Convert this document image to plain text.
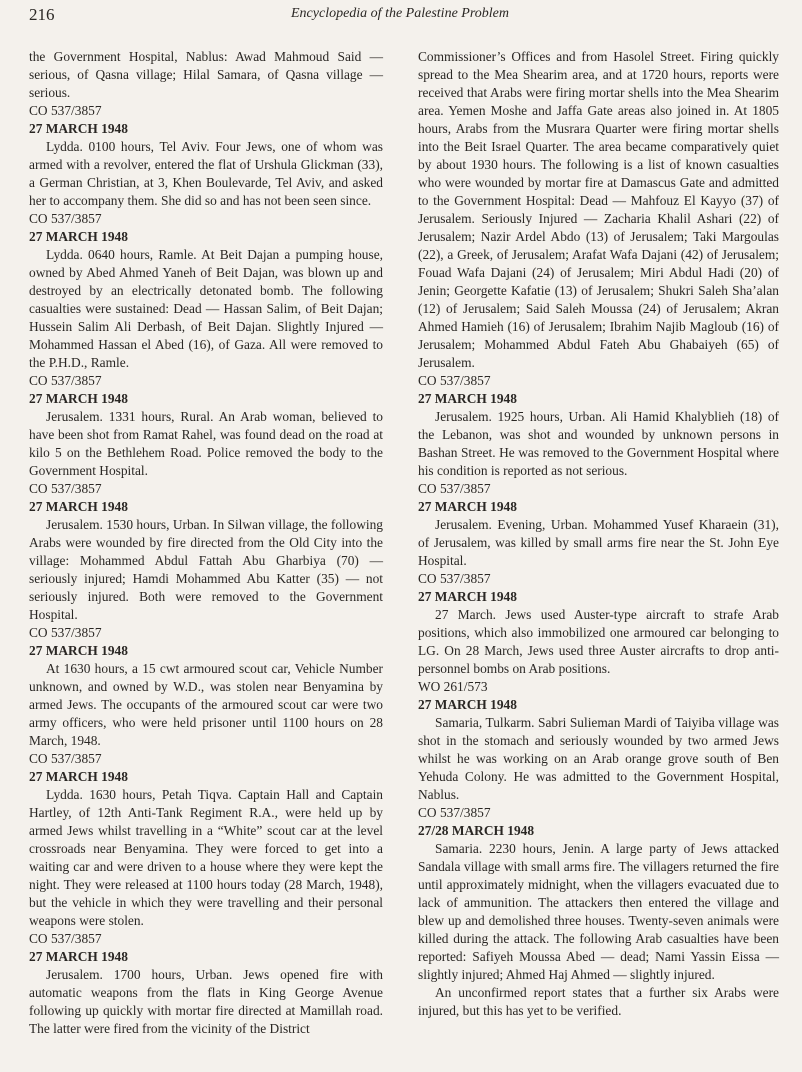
216	Encyclopedia of the Palestine Problem

the Government Hospital, Nablus: Awad Mahmoud Said — serious, of Qasna village; Hilal Samara, of Qasna village — serious.

CO 537/3857

27 MARCH 1948

Lydda. 0100 hours, Tel Aviv. Four Jews, one of whom was armed with a revolver, entered the flat of Urshula Glickman (33), a German Christian, at 3, Khen Boulevarde, Tel Aviv, and asked her to accompany them. She did so and has not been seen since.

CO 537/3857

27 MARCH 1948

Lydda. 0640 hours, Ramle. At Beit Dajan a pumping house, owned by Abed Ahmed Yaneh of Beit Dajan, was blown up and destroyed by an electrically detonated bomb. The following casualties were sustained: Dead — Hassan Salim, of Beit Dajan; Hussein Salim Ali Derbash, of Beit Dajan. Slightly Injured — Mohammed Hassan el Abed (16), of Gaza. All were removed to the P.H.D., Ramle.

CO 537/3857

27 MARCH 1948

Jerusalem. 1331 hours, Rural. An Arab woman, believed to have been shot from Ramat Rahel, was found dead on the road at kilo 5 on the Bethlehem Road. Police removed the body to the Government Hospital.

CO 537/3857

27 MARCH 1948

Jerusalem. 1530 hours, Urban. In Silwan village, the following Arabs were wounded by fire directed from the Old City into the village: Mohammed Abdul Fattah Abu Gharbiya (70) — seriously injured; Hamdi Mohammed Abu Katter (35) — not seriously injured. Both were removed to the Government Hospital.

CO 537/3857

27 MARCH 1948

At 1630 hours, a 15 cwt armoured scout car, Vehicle Number unknown, and owned by W.D., was stolen near Benyamina by armed Jews. The occupants of the armoured scout car were two army officers, who were held prisoner until 1100 hours on 28 March, 1948.

CO 537/3857

27 MARCH 1948

Lydda. 1630 hours, Petah Tiqva. Captain Hall and Captain Hartley, of 12th Anti-Tank Regiment R.A., were held up by armed Jews whilst travelling in a “White” scout car at the level crossroads near Benyamina. They were forced to get into a waiting car and were driven to a house where they were kept the night. They were released at 1100 hours today (28 March, 1948), but the vehicle in which they were travelling and their personal weapons were stolen.

CO 537/3857

27 MARCH 1948

Jerusalem. 1700 hours, Urban. Jews opened fire with automatic weapons from the flats in King George Avenue following up quickly with mortar fire directed at Mamillah road. The latter were fired from the vicinity of the District

Commissioner’s Offices and from Hasolel Street. Firing quickly spread to the Mea Shearim area, and at 1720 hours, reports were received that Arabs were firing mortar shells into the Mea Shearim area. Yemen Moshe and Jaffa Gate areas also joined in. At 1805 hours, Arabs from the Musrara Quarter were firing mortar shells into the Beit Israel Quarter. The area became comparatively quiet by about 1930 hours. The following is a list of known casualties who were wounded by mortar fire at Damascus Gate and admitted to the Government Hospital: Dead — Mahfouz El Kayyo (37) of Jerusalem. Seriously Injured — Zacharia Khalil Ashari (22) of Jerusalem; Nazir Ardel Abdo (13) of Jerusalem; Taki Margoulas (22), a Greek, of Jerusalem; Arafat Wafa Dajani (42) of Jerusalem; Fouad Wafa Dajani (24) of Jerusalem; Miri Abdul Hadi (20) of Jenin; Georgette Kafatie (13) of Jerusalem; Shukri Saleh Sha’alan (12) of Jerusalem; Said Saleh Moussa (24) of Jerusalem; Akran Ahmed Hamieh (16) of Jerusalem; Ibrahim Najib Magloub (16) of Jerusalem; Mohammed Abdul Fateh Abu Ghabaiyeh (65) of Jerusalem.

CO 537/3857

27 MARCH 1948

Jerusalem. 1925 hours, Urban. Ali Hamid Khalyblieh (18) of the Lebanon, was shot and wounded by unknown persons in Bashan Street. He was removed to the Government Hospital where his condition is reported as not serious.

CO 537/3857

27 MARCH 1948

Jerusalem. Evening, Urban. Mohammed Yusef Kharaein (31), of Jerusalem, was killed by small arms fire near the St. John Eye Hospital.

CO 537/3857

27 MARCH 1948

27 March. Jews used Auster-type aircraft to strafe Arab positions, which also immobilized one armoured car belonging to LG. On 28 March, Jews used three Auster aircrafts to drop anti-personnel bombs on Arab positions.

WO 261/573

27 MARCH 1948

Samaria, Tulkarm. Sabri Sulieman Mardi of Taiyiba village was shot in the stomach and seriously wounded by two armed Jews whilst he was working on an Arab orange grove south of Ben Yehuda Colony. He was admitted to the Government Hospital, Nablus.

CO 537/3857

27/28 MARCH 1948

Samaria. 2230 hours, Jenin. A large party of Jews attacked Sandala village with small arms fire. The villagers returned the fire until approximately midnight, when the villagers evacuated due to lack of ammunition. The attackers then entered the village and blew up and demolished three houses. Twenty-seven animals were killed during the attack. The following Arab casualties have been reported: Safiyeh Moussa Abed — dead; Nami Yassin Eissa — slightly injured; Ahmed Haj Ahmed — slightly injured.

An unconfirmed report states that a further six Arabs were injured, but this has yet to be verified.
